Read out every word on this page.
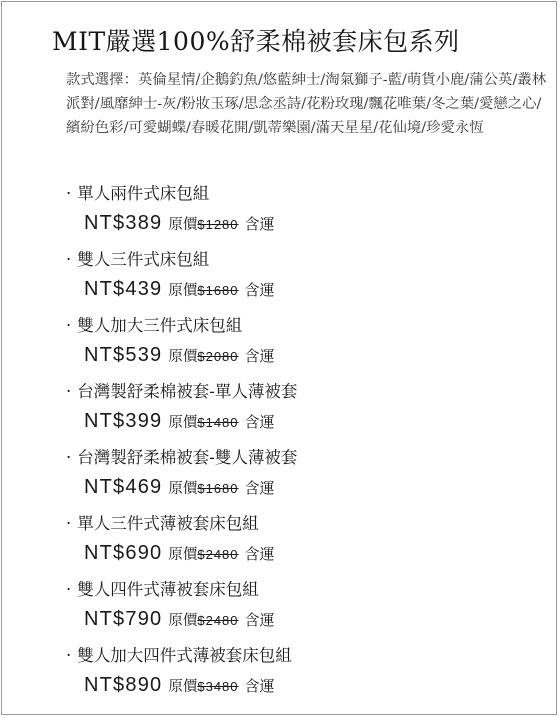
MIT嚴選100%舒柔棉被套床包系列
款式選擇：英倫星情/企鵝釣魚/悠藍紳士/淘氣獅子-藍/萌貨小鹿/蒲公英/叢林派對/風靡紳士-灰/粉妝玉琢/思念丞詩/花粉玫瑰/飄花唯葉/冬之葉/愛戀之心/繽紛色彩/可愛蝴蝶/春暖花開/凱蒂樂園/滿天星星/花仙境/珍愛永恆
· 單人兩件式床包組
NT$389 原價 $1280 含運
· 雙人三件式床包組
NT$439 原價 $1680 含運
· 雙人加大三件式床包組
NT$539 原價 $2080 含運
· 台灣製舒柔棉被套-單人薄被套
NT$399 原價 $1480 含運
· 台灣製舒柔棉被套-雙人薄被套
NT$469 原價 $1680 含運
· 單人三件式薄被套床包組
NT$690 原價 $2480 含運
· 雙人四件式薄被套床包組
NT$790 原價 $2480 含運
· 雙人加大四件式薄被套床包組
NT$890 原價 $3480 含運
